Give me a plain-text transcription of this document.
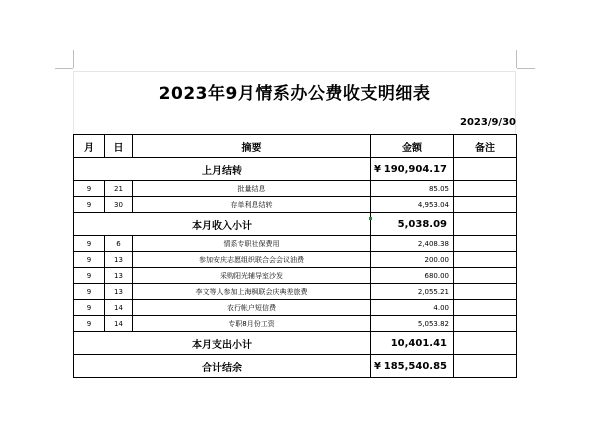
2023年9月情系办公费收支明细表
2023/9/30
月	日	摘要	金额	备注
上月结转			¥ 190,904.17	

9	21	批量结息	85.05	
9	30	存单利息结转	4,953.04	
本月收入小计			5,038.09	

9	6	情系专职社保费用	2,408.38	
9	13	参加安庆志愿组织联合会会议油费	200.00	
9	13	采购阳光辅导室沙发	680.00	
9	13	李文等人参加上海枫联会庆典差旅费	2,055.21	
9	14	农行帐户短信费	4.00	
9	14	专职8月份工资	5,053.82	
本月支出小计			10,401.41	

合计结余			¥ 185,540.85	
